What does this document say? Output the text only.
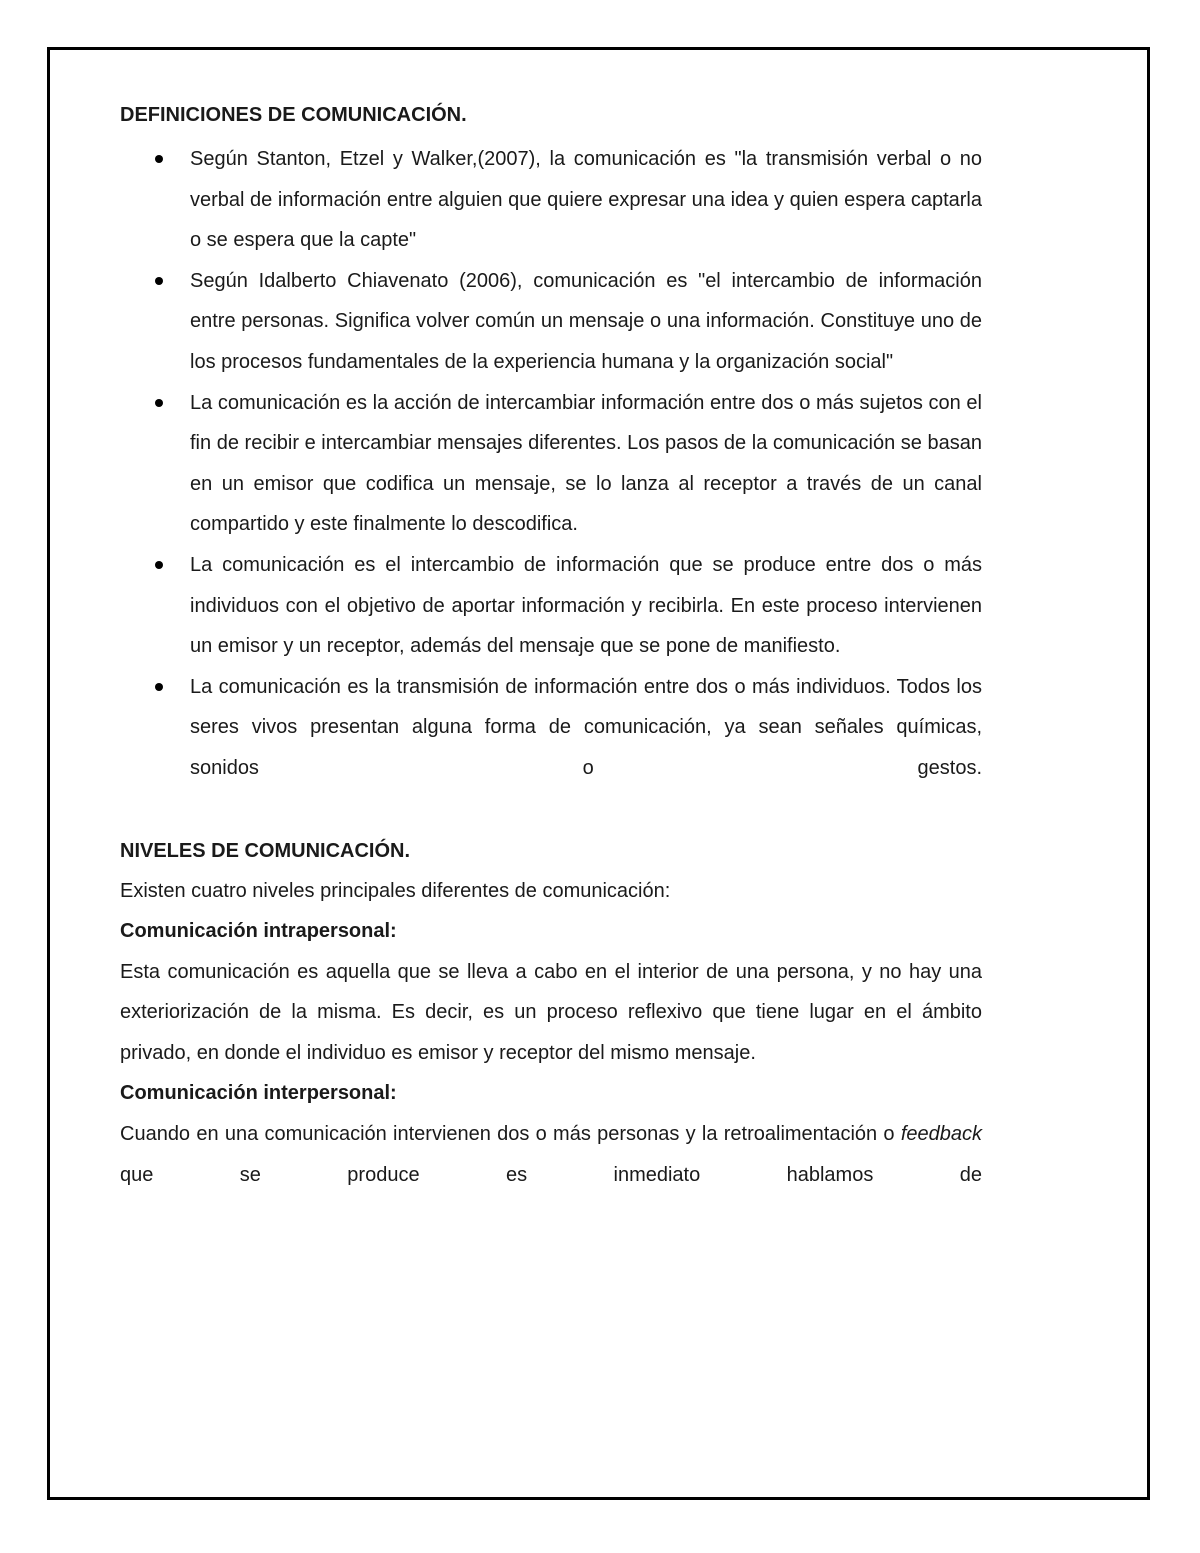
DEFINICIONES DE COMUNICACIÓN.
Según Stanton, Etzel y Walker,(2007), la comunicación es "la transmisión verbal o no verbal de información entre alguien que quiere expresar una idea y quien espera captarla o se espera que la capte"
Según Idalberto Chiavenato (2006), comunicación es "el intercambio de información entre personas. Significa volver común un mensaje o una información. Constituye uno de los procesos fundamentales de la experiencia humana y la organización social"
La comunicación es la acción de intercambiar información entre dos o más sujetos con el fin de recibir e intercambiar mensajes diferentes. Los pasos de la comunicación se basan en un emisor que codifica un mensaje, se lo lanza al receptor a través de un canal compartido y este finalmente lo descodifica.
La comunicación es el intercambio de información que se produce entre dos o más individuos con el objetivo de aportar información y recibirla. En este proceso intervienen un emisor y un receptor, además del mensaje que se pone de manifiesto.
La comunicación es la transmisión de información entre dos o más individuos. Todos los seres vivos presentan alguna forma de comunicación, ya sean señales químicas, sonidos o gestos.
NIVELES DE COMUNICACIÓN.

Existen cuatro niveles principales diferentes de comunicación:

Comunicación intrapersonal:

Esta comunicación es aquella que se lleva a cabo en el interior de una persona, y no hay una exteriorización de la misma. Es decir, es un proceso reflexivo que tiene lugar en el ámbito privado, en donde el individuo es emisor y receptor del mismo mensaje.

Comunicación interpersonal:

Cuando en una comunicación intervienen dos o más personas y la retroalimentación o feedback que se produce es inmediato hablamos de
